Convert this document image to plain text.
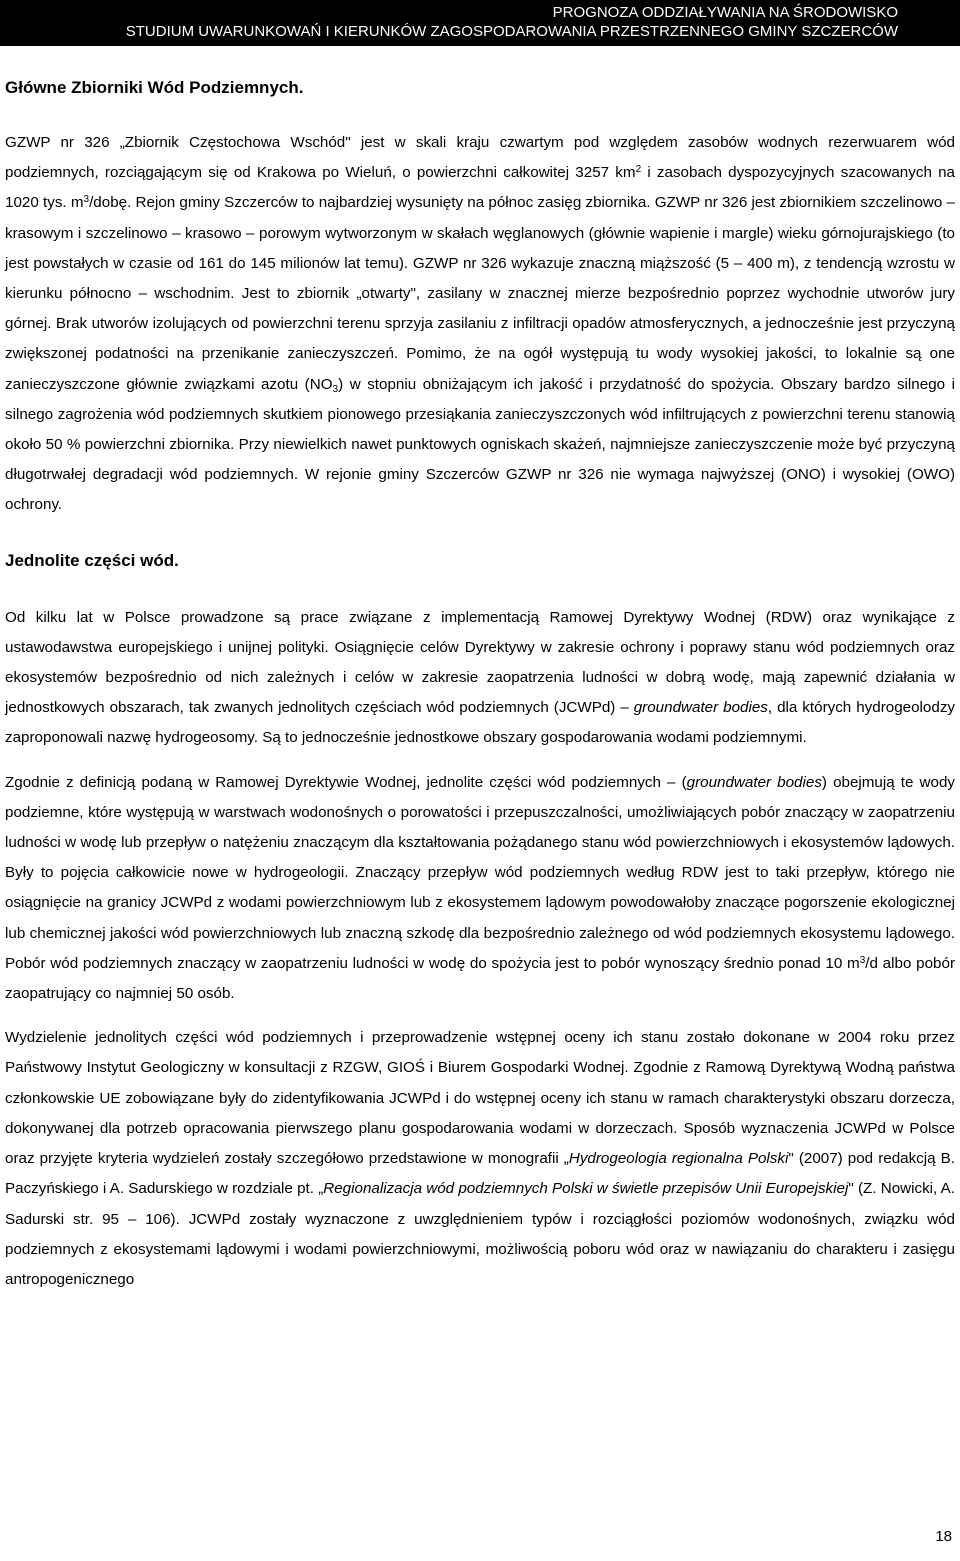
PROGNOZA ODDZIAŁYWANIA NA ŚRODOWISKO
STUDIUM UWARUNKOWAŃ I KIERUNKÓW ZAGOSPODAROWANIA PRZESTRZENNEGO GMINY SZCZERCÓW
Główne Zbiorniki Wód Podziemnych.

GZWP nr 326 „Zbiornik Częstochowa Wschód" jest w skali kraju czwartym pod względem zasobów wodnych rezerwuarem wód podziemnych, rozciągającym się od Krakowa po Wieluń, o powierzchni całkowitej 3257 $km^2$ i zasobach dyspozycyjnych szacowanych na 1020 tys. $m^3$/dobę. Rejon gminy Szczerców to najbardziej wysunięty na północ zasięg zbiornika. GZWP nr 326 jest zbiornikiem szczelinowo – krasowym i szczelinowo – krasowo – porowym wytworzonym w skałach węglanowych (głównie wapienie i margle) wieku górnojurajskiego (to jest powstałych w czasie od 161 do 145 milionów lat temu). GZWP nr 326 wykazuje znaczną miąższość (5 – 400 m), z tendencją wzrostu w kierunku północno – wschodnim. Jest to zbiornik „otwarty", zasilany w znacznej mierze bezpośrednio poprzez wychodnie utworów jury górnej. Brak utworów izolujących od powierzchni terenu sprzyja zasilaniu z infiltracji opadów atmosferycznych, a jednocześnie jest przyczyną zwiększonej podatności na przenikanie zanieczyszczeń. Pomimo, że na ogół występują tu wody wysokiej jakości, to lokalnie są one zanieczyszczone głównie związkami azotu $(NO_3)$ w stopniu obniżającym ich jakość i przydatność do spożycia. Obszary bardzo silnego i silnego zagrożenia wód podziemnych skutkiem pionowego przesiąkania zanieczyszczonych wód infiltrujących z powierzchni terenu stanowią około 50 % powierzchni zbiornika. Przy niewielkich nawet punktowych ogniskach skażeń, najmniejsze zanieczyszczenie może być przyczyną długotrwałej degradacji wód podziemnych. W rejonie gminy Szczerców GZWP nr 326 nie wymaga najwyższej (ONO) i wysokiej (OWO) ochrony.

Jednolite części wód.

Od kilku lat w Polsce prowadzone są prace związane z implementacją Ramowej Dyrektywy Wodnej (RDW) oraz wynikające z ustawodawstwa europejskiego i unijnej polityki. Osiągnięcie celów Dyrektywy w zakresie ochrony i poprawy stanu wód podziemnych oraz ekosystemów bezpośrednio od nich zależnych i celów w zakresie zaopatrzenia ludności w dobrą wodę, mają zapewnić działania w jednostkowych obszarach, tak zwanych jednolitych częściach wód podziemnych (JCWPd) – groundwater bodies, dla których hydrogeolodzy zaproponowali nazwę hydrogeosomy. Są to jednocześnie jednostkowe obszary gospodarowania wodami podziemnymi.

Zgodnie z definicją podaną w Ramowej Dyrektywie Wodnej, jednolite części wód podziemnych – (groundwater bodies) obejmują te wody podziemne, które występują w warstwach wodonośnych o porowatości i przepuszczalności, umożliwiających pobór znaczący w zaopatrzeniu ludności w wodę lub przepływ o natężeniu znaczącym dla kształtowania pożądanego stanu wód powierzchniowych i ekosystemów lądowych. Były to pojęcia całkowicie nowe w hydrogeologii. Znaczący przepływ wód podziemnych według RDW jest to taki przepływ, którego nie osiągnięcie na granicy JCWPd z wodami powierzchniowym lub z ekosystemem lądowym powodowałoby znaczące pogorszenie ekologicznej lub chemicznej jakości wód powierzchniowych lub znaczną szkodę dla bezpośrednio zależnego od wód podziemnych ekosystemu lądowego. Pobór wód podziemnych znaczący w zaopatrzeniu ludności w wodę do spożycia jest to pobór wynoszący średnio ponad 10 $m^3/d$ albo pobór zaopatrujący co najmniej 50 osób.

Wydzielenie jednolitych części wód podziemnych i przeprowadzenie wstępnej oceny ich stanu zostało dokonane w 2004 roku przez Państwowy Instytut Geologiczny w konsultacji z RZGW, GIOŚ i Biurem Gospodarki Wodnej. Zgodnie z Ramową Dyrektywą Wodną państwa członkowskie UE zobowiązane były do zidentyfikowania JCWPd i do wstępnej oceny ich stanu w ramach charakterystyki obszaru dorzecza, dokonywanej dla potrzeb opracowania pierwszego planu gospodarowania wodami w dorzeczach. Sposób wyznaczenia JCWPd w Polsce oraz przyjęte kryteria wydzieleń zostały szczegółowo przedstawione w monografii „Hydrogeologia regionalna Polski" (2007) pod redakcją B. Paczyńskiego i A. Sadurskiego w rozdziale pt. „Regionalizacja wód podziemnych Polski w świetle przepisów Unii Europejskiej" (Z. Nowicki, A. Sadurski str. 95 – 106). JCWPd zostały wyznaczone z uwzględnieniem typów i rozciągłości poziomów wodonośnych, związku wód podziemnych z ekosystemami lądowymi i wodami powierzchniowymi, możliwością poboru wód oraz w nawiązaniu do charakteru i zasięgu antropogenicznego

18
